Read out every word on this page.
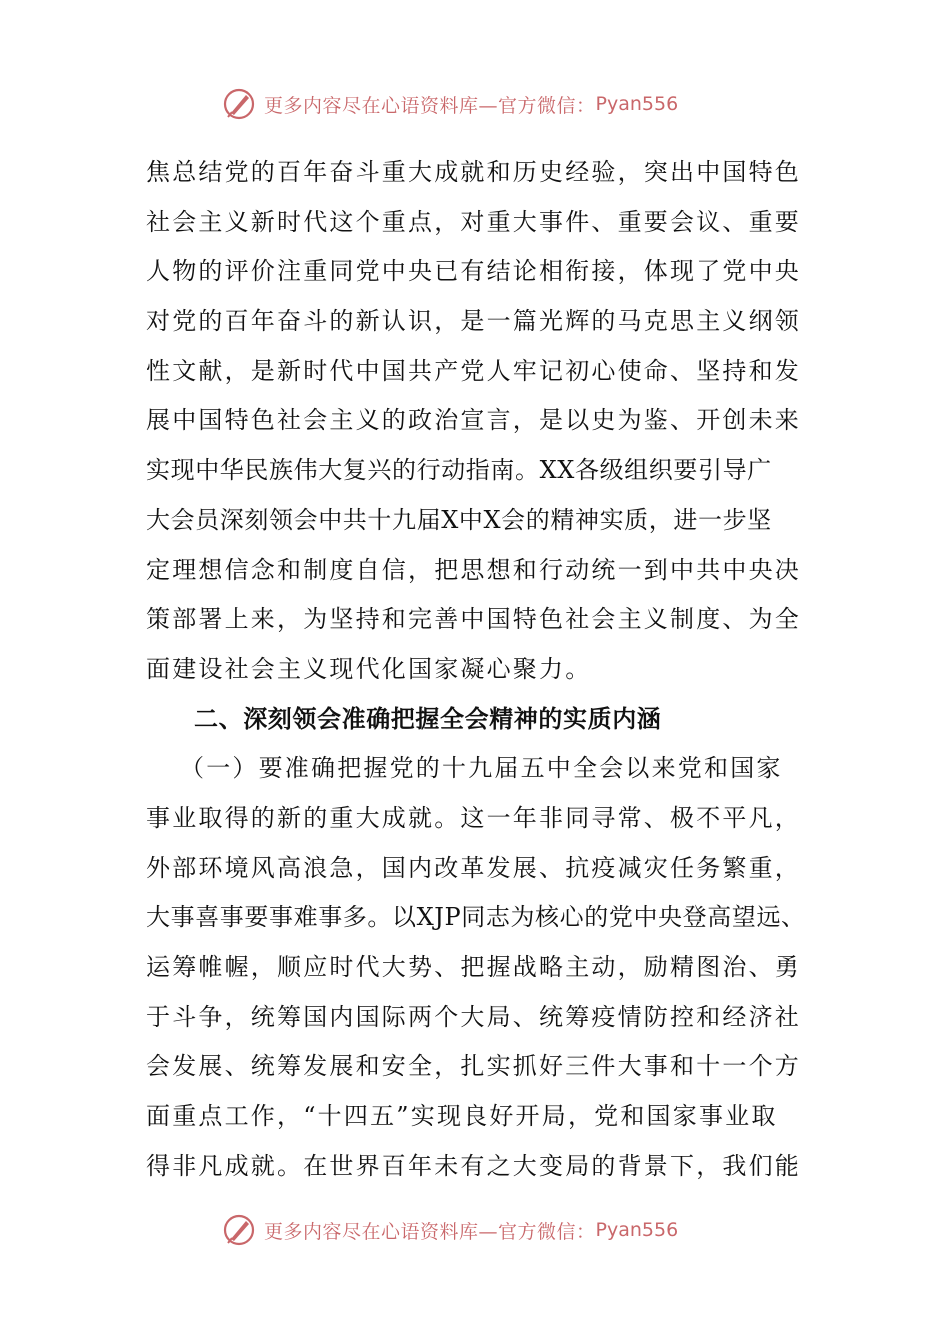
更多内容尽在心语资料库—官方微信： Pyan556
焦总结党的百年奋斗重大成就和历史经验，突出中国特色
社会主义新时代这个重点，对重大事件、重要会议、重要
人物的评价注重同党中央已有结论相衔接，体现了党中央
对党的百年奋斗的新认识，是一篇光辉的马克思主义纲领
性文献，是新时代中国共产党人牢记初心使命、坚持和发
展中国特色社会主义的政治宣言，是以史为鉴、开创未来
实现中华民族伟大复兴的行动指南。XX各级组织要引导广
大会员深刻领会中共十九届X中X会的精神实质，进一步坚
定理想信念和制度自信，把思想和行动统一到中共中央决
策部署上来，为坚持和完善中国特色社会主义制度、为全
面建设社会主义现代化国家凝心聚力。
二、深刻领会准确把握全会精神的实质内涵
（一）要准确把握党的十九届五中全会以来党和国家
事业取得的新的重大成就。这一年非同寻常、极不平凡，
外部环境风高浪急，国内改革发展、抗疫减灾任务繁重，
大事喜事要事难事多。以XJP同志为核心的党中央登高望远、
运筹帷幄，顺应时代大势、把握战略主动，励精图治、勇
于斗争，统筹国内国际两个大局、统筹疫情防控和经济社
会发展、统筹发展和安全，扎实抓好三件大事和十一个方
面重点工作，“十四五”实现良好开局，党和国家事业取
得非凡成就。在世界百年未有之大变局的背景下，我们能
更多内容尽在心语资料库—官方微信： Pyan556
